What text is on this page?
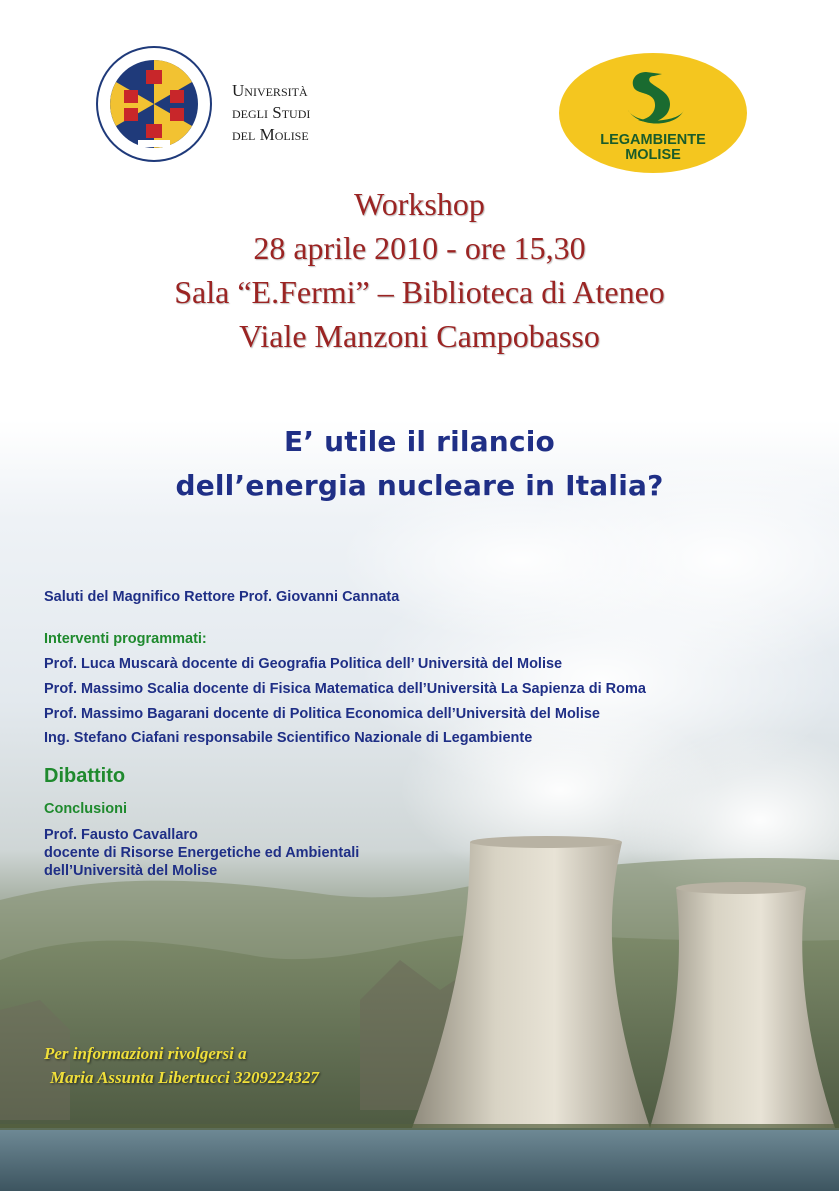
Università
degli Studi
del Molise	LEGAMBIENTE
MOLISE
Workshop
28 aprile 2010 - ore 15,30
Sala “E.Fermi” – Biblioteca di Ateneo
Viale Manzoni Campobasso
E’ utile il rilancio
dell’energia nucleare in Italia?
Saluti del Magnifico Rettore Prof. Giovanni Cannata
Interventi programmati:
Prof. Luca Muscarà docente di Geografia Politica dell’ Università del Molise
Prof. Massimo Scalia docente di Fisica Matematica dell’Università La Sapienza di Roma
Prof. Massimo Bagarani docente di Politica Economica dell’Università del Molise
Ing. Stefano Ciafani responsabile Scientifico Nazionale di Legambiente
Dibattito
Conclusioni
Prof. Fausto Cavallaro
docente di Risorse Energetiche ed Ambientali
dell’Università del Molise
Per informazioni rivolgersi a
Maria Assunta Libertucci 3209224327
